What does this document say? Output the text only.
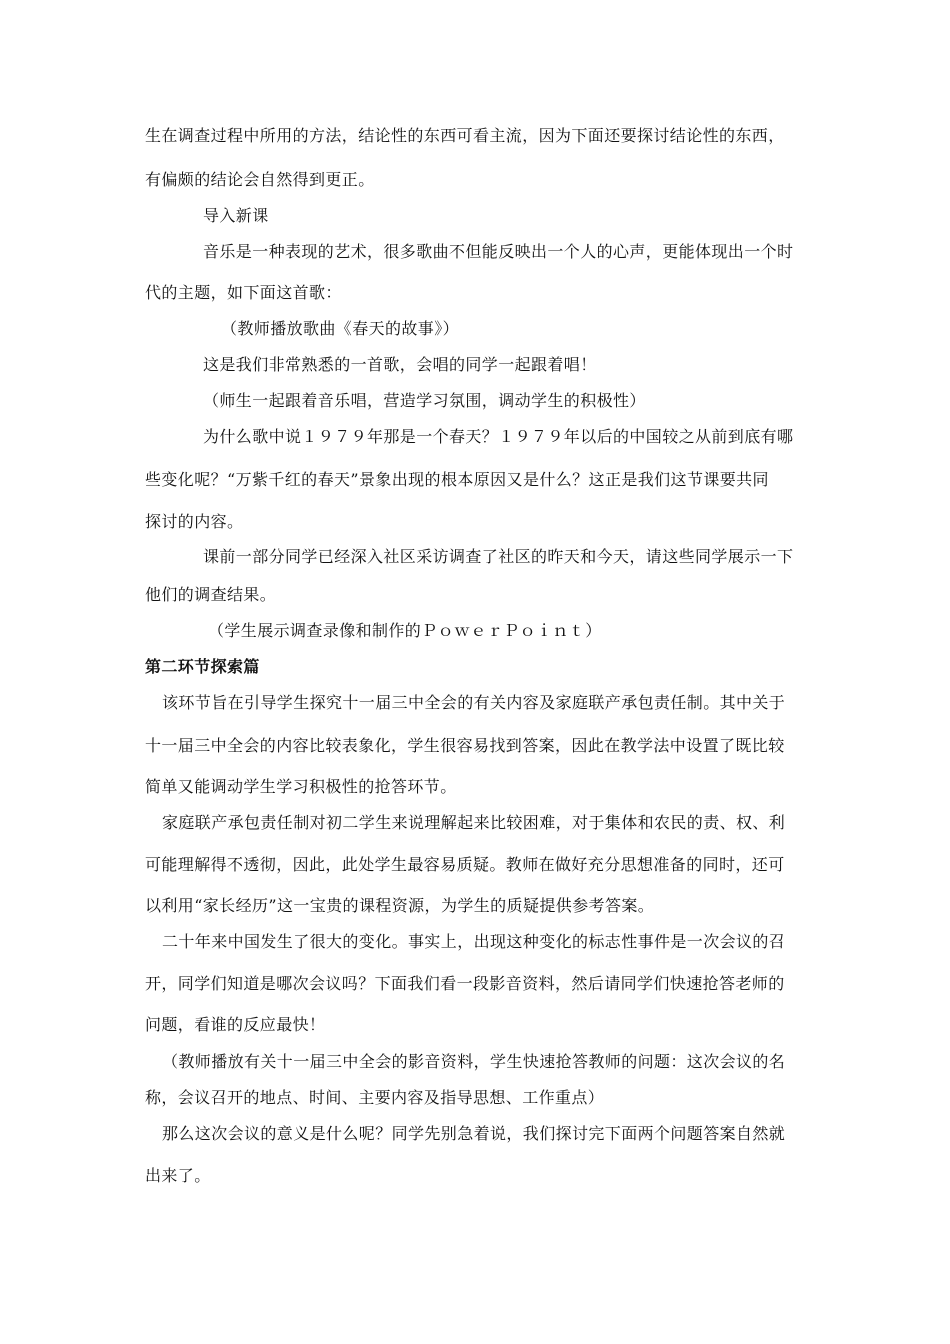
生在调查过程中所用的方法，结论性的东西可看主流，因为下面还要探讨结论性的东西，
有偏颇的结论会自然得到更正。
导入新课
音乐是一种表现的艺术，很多歌曲不但能反映出一个人的心声，更能体现出一个时
代的主题，如下面这首歌：
（教师播放歌曲《春天的故事》）
这是我们非常熟悉的一首歌，会唱的同学一起跟着唱！
（师生一起跟着音乐唱，营造学习氛围，调动学生的积极性）
为什么歌中说１９７９年那是一个春天？１９７９年以后的中国较之从前到底有哪
些变化呢？“万紫千红的春天”景象出现的根本原因又是什么？这正是我们这节课要共同
探讨的内容。
课前一部分同学已经深入社区采访调查了社区的昨天和今天，请这些同学展示一下
他们的调查结果。
（学生展示调查录像和制作的ＰｏｗｅｒＰｏｉｎｔ）
第二环节探索篇
该环节旨在引导学生探究十一届三中全会的有关内容及家庭联产承包责任制。其中关于
十一届三中全会的内容比较表象化，学生很容易找到答案，因此在教学法中设置了既比较
简单又能调动学生学习积极性的抢答环节。
家庭联产承包责任制对初二学生来说理解起来比较困难，对于集体和农民的责、权、利
可能理解得不透彻，因此，此处学生最容易质疑。教师在做好充分思想准备的同时，还可
以利用“家长经历”这一宝贵的课程资源，为学生的质疑提供参考答案。
二十年来中国发生了很大的变化。事实上，出现这种变化的标志性事件是一次会议的召
开，同学们知道是哪次会议吗？下面我们看一段影音资料，然后请同学们快速抢答老师的
问题，看谁的反应最快！
（教师播放有关十一届三中全会的影音资料，学生快速抢答教师的问题：这次会议的名
称，会议召开的地点、时间、主要内容及指导思想、工作重点）
那么这次会议的意义是什么呢？同学先别急着说，我们探讨完下面两个问题答案自然就
出来了。
